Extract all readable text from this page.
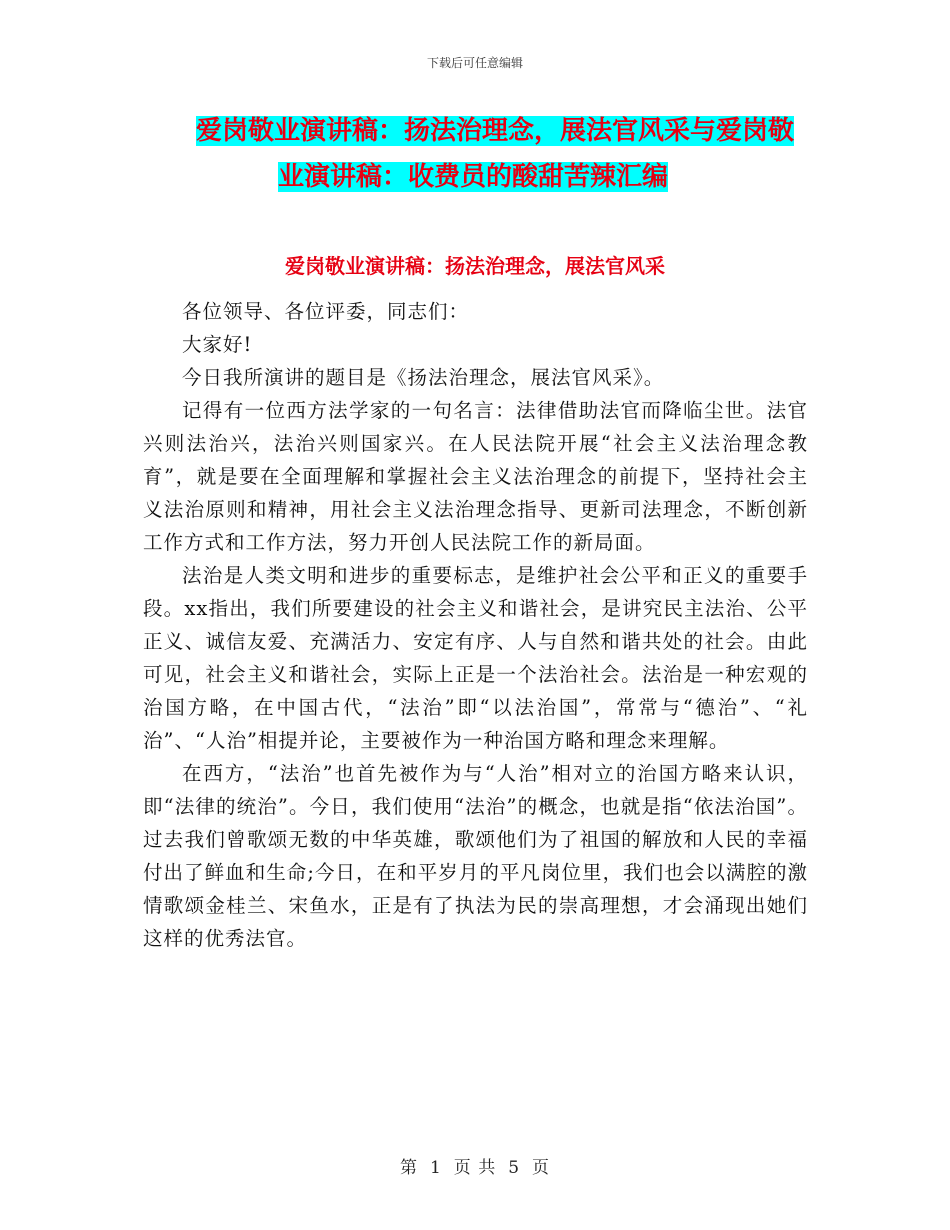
下载后可任意编辑
爱岗敬业演讲稿：扬法治理念，展法官风采与爱岗敬
业演讲稿：收费员的酸甜苦辣汇编
爱岗敬业演讲稿：扬法治理念，展法官风采

各位领导、各位评委，同志们：

大家好!

今日我所演讲的题目是《扬法治理念，展法官风采》。

记得有一位西方法学家的一句名言：法律借助法官而降临尘世。法官兴则法治兴，法治兴则国家兴。在人民法院开展“社会主义法治理念教育”，就是要在全面理解和掌握社会主义法治理念的前提下，坚持社会主义法治原则和精神，用社会主义法治理念指导、更新司法理念，不断创新工作方式和工作方法，努力开创人民法院工作的新局面。

法治是人类文明和进步的重要标志，是维护社会公平和正义的重要手段。xx指出，我们所要建设的社会主义和谐社会，是讲究民主法治、公平正义、诚信友爱、充满活力、安定有序、人与自然和谐共处的社会。由此可见，社会主义和谐社会，实际上正是一个法治社会。法治是一种宏观的治国方略，在中国古代，“法治”即“以法治国”，常常与“德治”、“礼治”、“人治”相提并论，主要被作为一种治国方略和理念来理解。

在西方，“法治”也首先被作为与“人治”相对立的治国方略来认识，即“法律的统治”。今日，我们使用“法治”的概念，也就是指“依法治国”。 过去我们曾歌颂无数的中华英雄，歌颂他们为了祖国的解放和人民的幸福付出了鲜血和生命;今日，在和平岁月的平凡岗位里，我们也会以满腔的激情歌颂金桂兰、宋鱼水，正是有了执法为民的崇高理想，才会涌现出她们这样的优秀法官。

第 1 页 共 5 页
